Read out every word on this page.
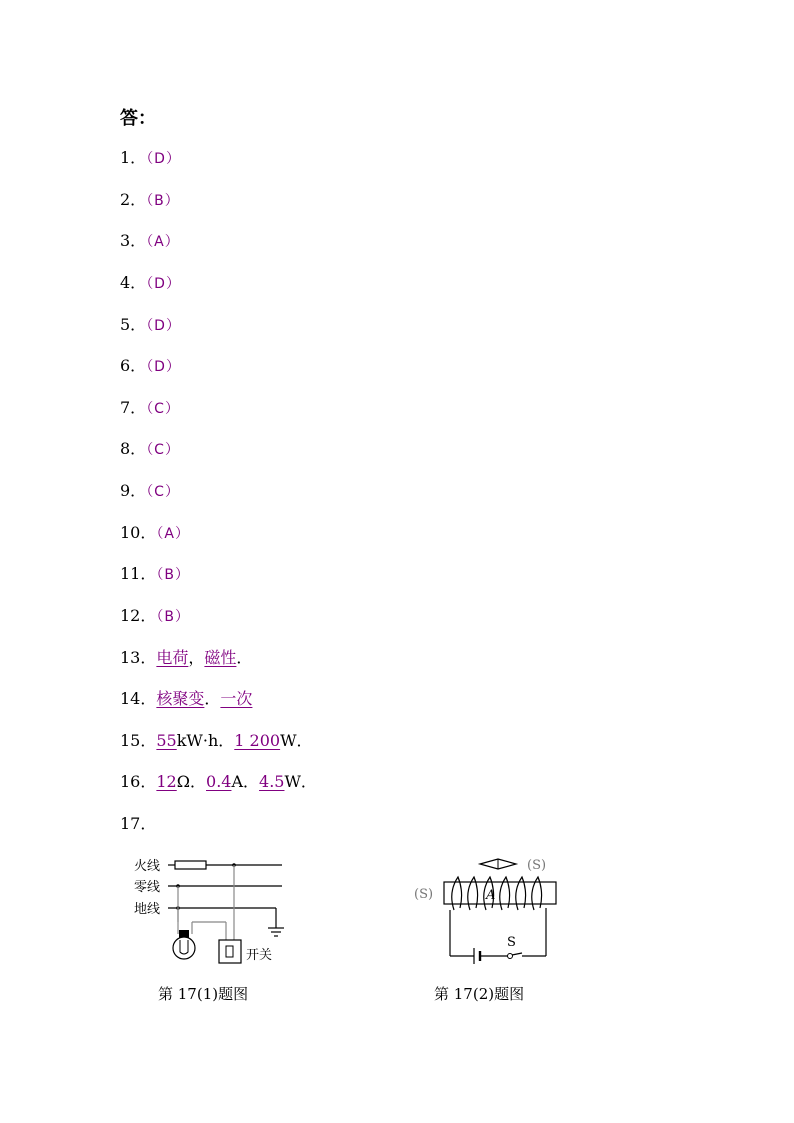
答：
1．（D）
2．（B）
3．（A）
4．（D）
5．（D）
6．（D）
7．（C）
8．（C）
9．（C）
10．（A）
11．（B）
12．（B）
13．电荷，磁性．
14．核聚变．一次
15．55kW·h．1 200W．
16．12Ω．0.4A．4.5W．
17．
火线
零线
地线
开关
第 17(1)题图
(S)
(S)	A
S
第 17(2)题图
